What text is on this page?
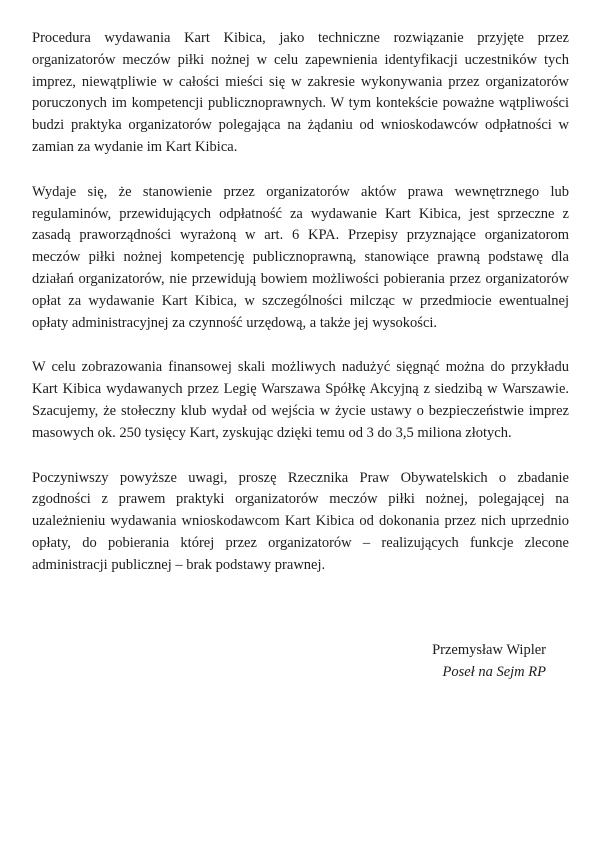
Procedura wydawania Kart Kibica, jako techniczne rozwiązanie przyjęte przez organizatorów meczów piłki nożnej w celu zapewnienia identyfikacji uczestników tych imprez, niewątpliwie w całości mieści się w zakresie wykonywania przez organizatorów poruczonych im kompetencji publicznoprawnych. W tym kontekście poważne wątpliwości budzi praktyka organizatorów polegająca na żądaniu od wnioskodawców odpłatności w zamian za wydanie im Kart Kibica.

Wydaje się, że stanowienie przez organizatorów aktów prawa wewnętrznego lub regulaminów, przewidujących odpłatność za wydawanie Kart Kibica, jest sprzeczne z zasadą praworządności wyrażoną w art. 6 KPA. Przepisy przyznające organizatorom meczów piłki nożnej kompetencję publicznoprawną, stanowiące prawną podstawę dla działań organizatorów, nie przewidują bowiem możliwości pobierania przez organizatorów opłat za wydawanie Kart Kibica, w szczególności milcząc w przedmiocie ewentualnej opłaty administracyjnej za czynność urzędową, a także jej wysokości.

W celu zobrazowania finansowej skali możliwych nadużyć sięgnąć można do przykładu Kart Kibica wydawanych przez Legię Warszawa Spółkę Akcyjną z siedzibą w Warszawie. Szacujemy, że stołeczny klub wydał od wejścia w życie ustawy o bezpieczeństwie imprez masowych ok. 250 tysięcy Kart, zyskując dzięki temu od 3 do 3,5 miliona złotych.

Poczyniwszy powyższe uwagi, proszę Rzecznika Praw Obywatelskich o zbadanie zgodności z prawem praktyki organizatorów meczów piłki nożnej, polegającej na uzależnieniu wydawania wnioskodawcom Kart Kibica od dokonania przez nich uprzednio opłaty, do pobierania której przez organizatorów – realizujących funkcje zlecone administracji publicznej – brak podstawy prawnej.

Przemysław Wipler
Poseł na Sejm RP
